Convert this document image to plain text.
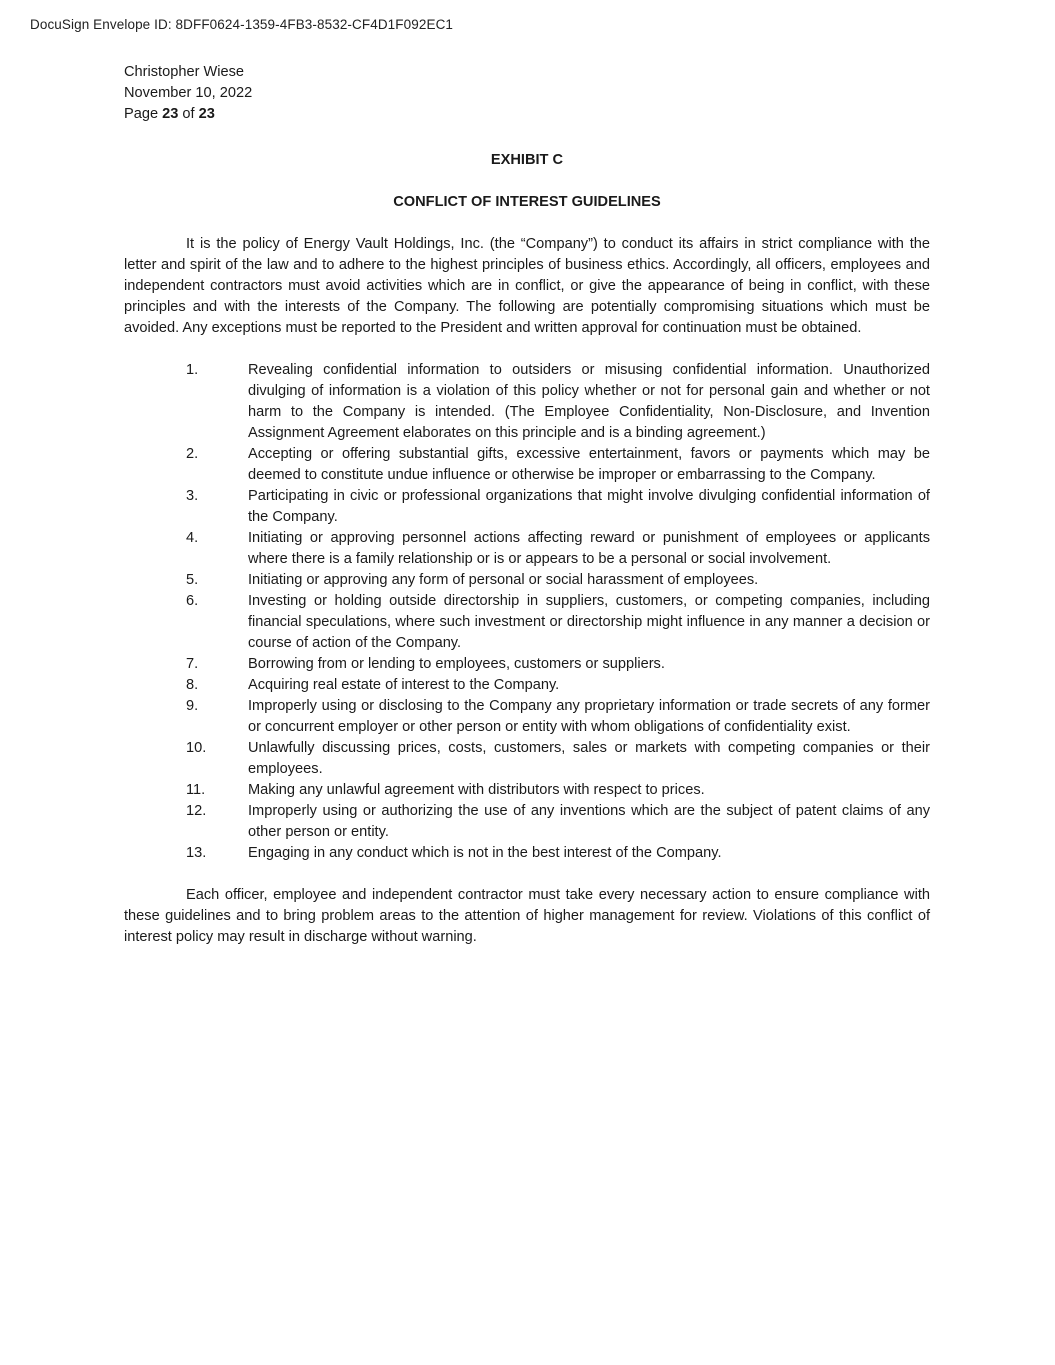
DocuSign Envelope ID: 8DFF0624-1359-4FB3-8532-CF4D1F092EC1
Christopher Wiese
November 10, 2022
Page 23 of 23

EXHIBIT C

CONFLICT OF INTEREST GUIDELINES

It is the policy of Energy Vault Holdings, Inc. (the “Company”) to conduct its affairs in strict compliance with the letter and spirit of the law and to adhere to the highest principles of business ethics. Accordingly, all officers, employees and independent contractors must avoid activities which are in conflict, or give the appearance of being in conflict, with these principles and with the interests of the Company. The following are potentially compromising situations which must be avoided. Any exceptions must be reported to the President and written approval for continuation must be obtained.

1.	Revealing confidential information to outsiders or misusing confidential information. Unauthorized divulging of information is a violation of this policy whether or not for personal gain and whether or not harm to the Company is intended. (The Employee Confidentiality, Non-Disclosure, and Invention Assignment Agreement elaborates on this principle and is a binding agreement.)
2.	Accepting or offering substantial gifts, excessive entertainment, favors or payments which may be deemed to constitute undue influence or otherwise be improper or embarrassing to the Company.
3.	Participating in civic or professional organizations that might involve divulging confidential information of the Company.
4.	Initiating or approving personnel actions affecting reward or punishment of employees or applicants where there is a family relationship or is or appears to be a personal or social involvement.
5.	Initiating or approving any form of personal or social harassment of employees.
6.	Investing or holding outside directorship in suppliers, customers, or competing companies, including financial speculations, where such investment or directorship might influence in any manner a decision or course of action of the Company.
7.	Borrowing from or lending to employees, customers or suppliers.
8.	Acquiring real estate of interest to the Company.
9.	Improperly using or disclosing to the Company any proprietary information or trade secrets of any former or concurrent employer or other person or entity with whom obligations of confidentiality exist.
10.	Unlawfully discussing prices, costs, customers, sales or markets with competing companies or their employees.
11.	Making any unlawful agreement with distributors with respect to prices.
12.	Improperly using or authorizing the use of any inventions which are the subject of patent claims of any other person or entity.
13.	Engaging in any conduct which is not in the best interest of the Company.

Each officer, employee and independent contractor must take every necessary action to ensure compliance with these guidelines and to bring problem areas to the attention of higher management for review. Violations of this conflict of interest policy may result in discharge without warning.
